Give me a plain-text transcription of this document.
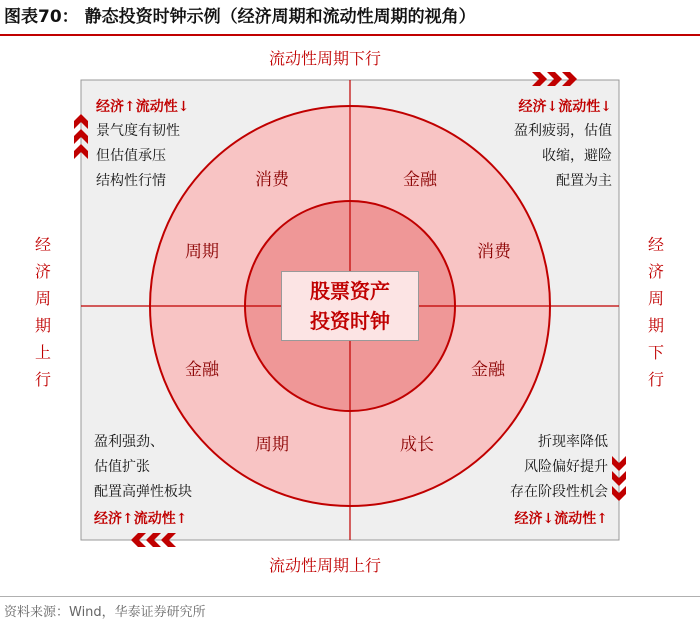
图表70： 静态投资时钟示例（经济周期和流动性周期的视角）
流动性周期下行
流动性周期上行
经
济
周
期
上
行
经
济
周
期
下
行
经济↑流动性↓
景气度有韧性
但估值承压
结构性行情
经济↓流动性↓
盈利疲弱，估值
收缩，避险
配置为主
盈利强劲、
估值扩张
配置高弹性板块
经济↑流动性↑
折现率降低
风险偏好提升
存在阶段性机会
经济↓流动性↑
消费
周期
金融
消费
金融
周期
金融
成长
股票资产
投资时钟
资料来源：Wind，华泰证券研究所
